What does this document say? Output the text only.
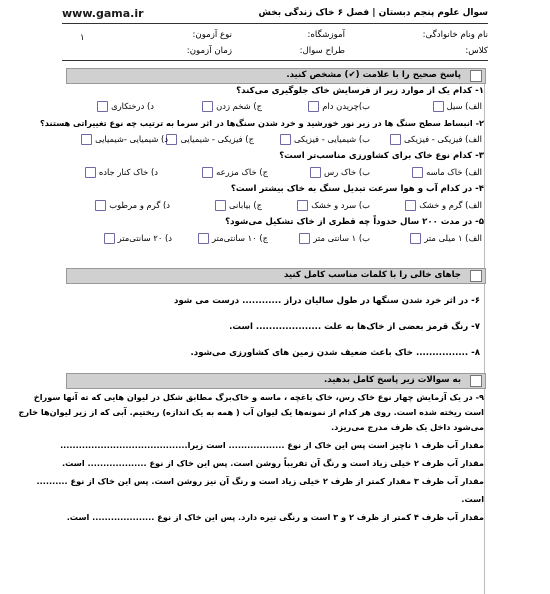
www.gama.ir	سوال علوم پنجم دبستان | فصل ۶ خاک زندگی بخش
نام ونام خانوادگی:
آموزشگاه:
نوع آزمون:
۱
کلاس:
طراح سوال:
زمان آزمون:
پاسخ صحیح را با علامت (✔) مشخص کنید.
۱- کدام یک از موارد زیر از فرسایش خاک جلوگیری می‌کند؟
الف) سیل
ب)چریدن دام
ج) شخم زدن
د) درختکاری
۲- انبساط سطح سنگ ها در زیر نور خورشید و خرد شدن سنگ‌ها در اثر سرما به ترتیب چه نوع تغییراتی هستند؟
الف) فیزیکی - فیزیکی
ب) شیمیایی - فیزیکی
ج) فیزیکی - شیمیایی
د) شیمیایی -شیمیایی
۳- کدام نوع خاک برای کشاورزی مناسب‌تر است؟
الف) خاک ماسه
ب) خاک رس
ج) خاک مزرعه
د) خاک کنار جاده
۴- در کدام آب و هوا سرعت تبدیل سنگ به خاک بیشتر است؟
الف) گرم و خشک
ب) سرد و خشک
ج) بیابانی
د) گرم و مرطوب
۵- در مدت ۲۰۰ سال حدوداً چه قطری از خاک تشکیل می‌شود؟
الف) ۱ میلی متر
ب) ۱ سانتی متر
ج) ۱۰ سانتی‌متر
د) ۲۰ سانتی‌متر
جاهای خالی را با کلمات مناسب کامل کنید
۶- در اثر خرد شدن سنگها در طول سالیان دراز ............ درست می شود
۷- رنگ قرمز بعضی از خاک‌ها به علت .................... است.
۸- ................ خاک باعث ضعیف شدن زمین های کشاورزی می‌شود.
به سوالات زیر پاسخ کامل بدهید.
۹- در یک آزمایش چهار نوع خاک رس، خاک باغچه ، ماسه و خاک‌برگ مطابق شکل در لیوان هایی که ته آنها سوراخ
است ریخته شده است. روی هر کدام از نمونه‌ها یک لیوان آب ( همه به یک اندازه) ریختیم. آبی که از زیر لیوان‌ها خارج
می‌شود داخل یک ظرف مدرج می‌ریزد.
مقدار آب ظرف ۱ ناچیز است پس این خاک از نوع .................. است زیرا.........................................
مقدار آب ظرف ۲ خیلی زیاد است و رنگ آن تقریباً روشن است. پس این خاک از نوع ................... است.
مقدار آب ظرف ۳ مقدار کمتر از ظرف ۲ خیلی زیاد است و رنگ آن نیز روشن است. پس این خاک از نوع ..........
است.
مقدار آب ظرف ۴ کمتر از ظرف ۲ و ۳ است و رنگی تیره دارد. پس این خاک از نوع .................... است.
